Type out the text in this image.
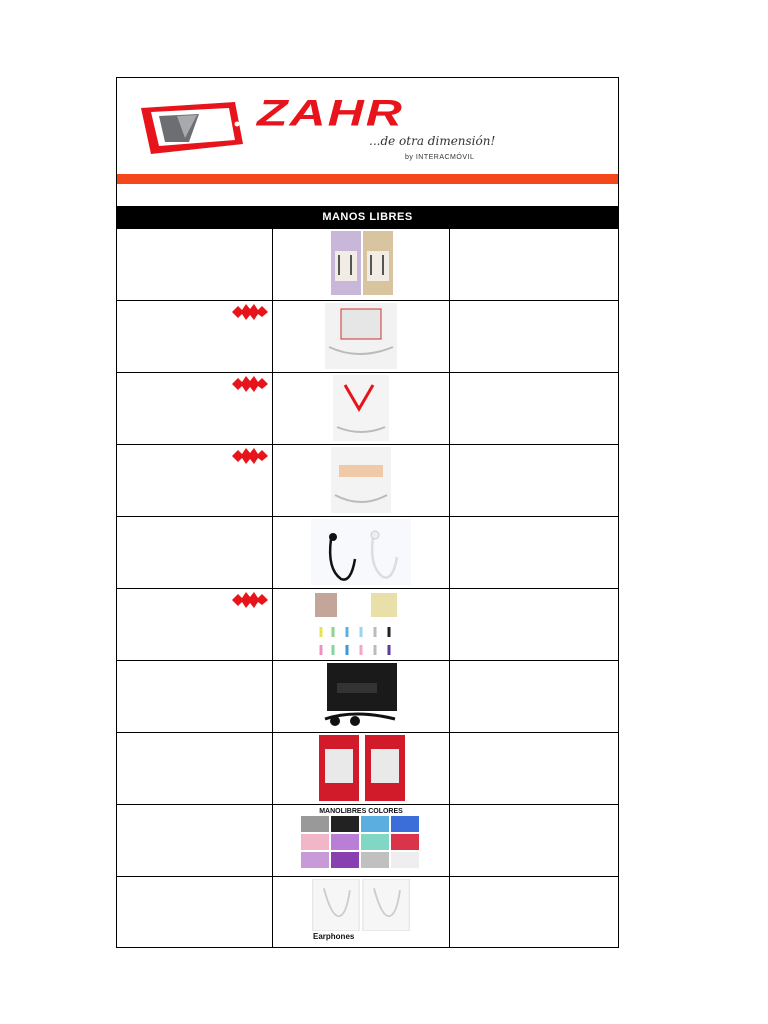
ZAHR
...de otra dimensión!
by INTERACMÓVIL
MANOS LIBRES
MANOLIBRES COLORES
Earphones
